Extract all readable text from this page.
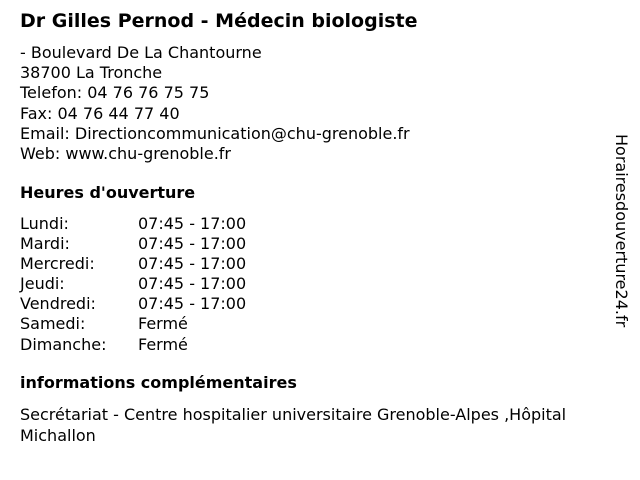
Dr Gilles Pernod - Médecin biologiste
- Boulevard De La Chantourne
38700 La Tronche
Telefon: 04 76 76 75 75
Fax: 04 76 44 77 40
Email: Directioncommunication@chu-grenoble.fr
Web: www.chu-grenoble.fr
Heures d'ouverture
Lundi:	07:45 - 17:00
Mardi:	07:45 - 17:00
Mercredi:	07:45 - 17:00
Jeudi:	07:45 - 17:00
Vendredi:	07:45 - 17:00
Samedi:	Fermé
Dimanche:	Fermé
informations complémentaires
Secrétariat - Centre hospitalier universitaire Grenoble-Alpes ,Hôpital
Michallon
Horairesdouverture24.fr
